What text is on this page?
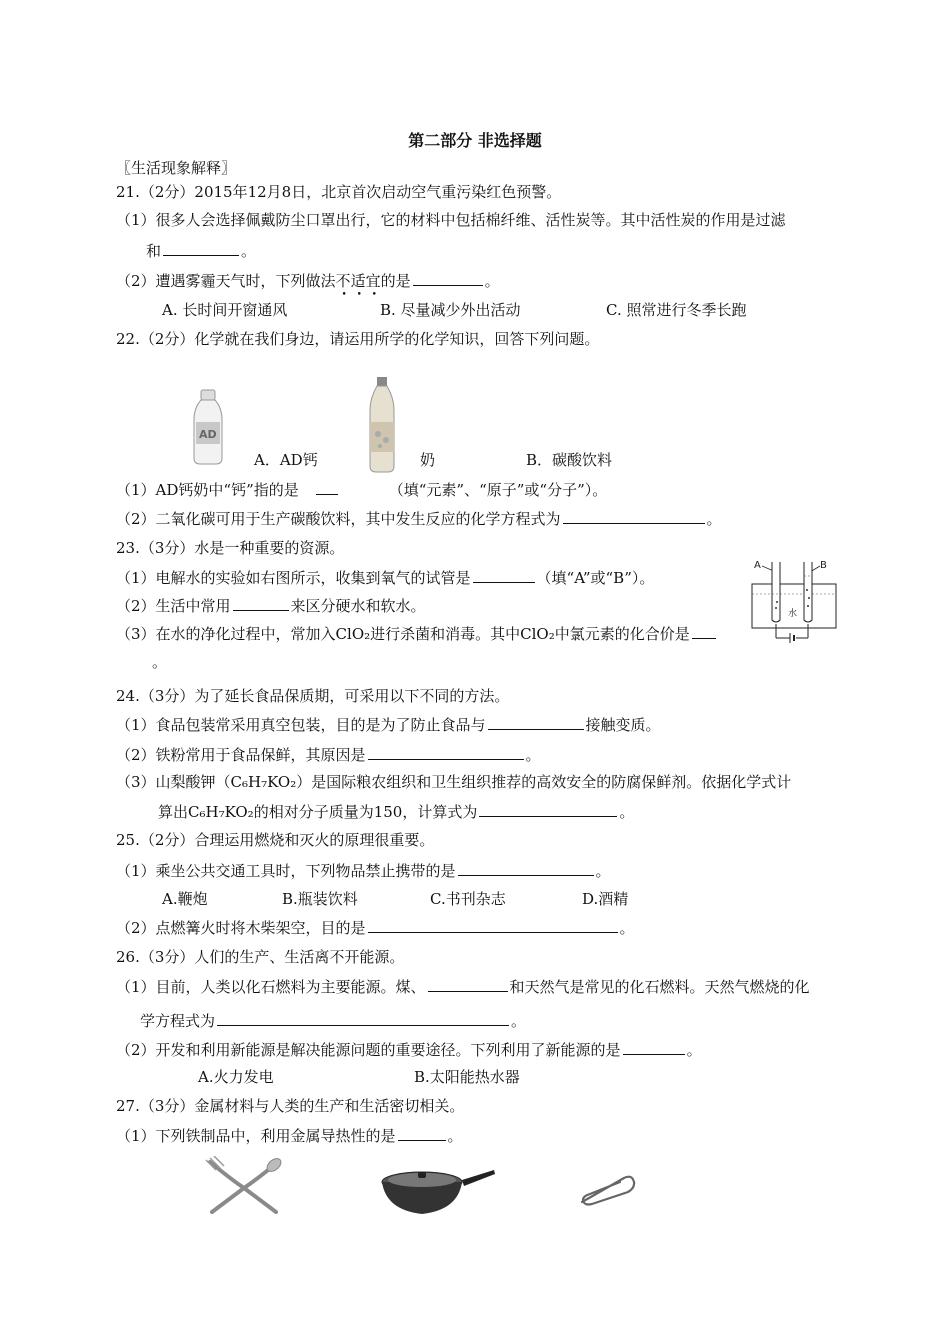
第二部分 非选择题
〖生活现象解释〗
21.（2分）2015年12月8日，北京首次启动空气重污染红色预警。
（1）很多人会选择佩戴防尘口罩出行，它的材料中包括棉纤维、活性炭等。其中活性炭的作用是过滤
和	。
（2）遭遇雾霾天气时，下列做法不适宜的是	。
A. 长时间开窗通风	B. 尽量减少外出活动	C. 照常进行冬季长跑
22.（2分）化学就在我们身边，请运用所学的化学知识，回答下列问题。
AD
A．AD钙	奶	B．碳酸饮料
（1）AD钙奶中“钙”指的是	（填“元素”、“原子”或“分子”）。
（2）二氧化碳可用于生产碳酸饮料，其中发生反应的化学方程式为	。
23.（3分）水是一种重要的资源。
（1）电解水的实验如右图所示，收集到氧气的试管是	（填“A”或“B”）。
（2）生活中常用	来区分硬水和软水。
（3）在水的净化过程中，常加入ClO₂进行杀菌和消毒。其中ClO₂中氯元素的化合价是
。
A	B
水
24.（3分）为了延长食品保质期，可采用以下不同的方法。
（1）食品包装常采用真空包装，目的是为了防止食品与	接触变质。
（2）铁粉常用于食品保鲜，其原因是	。
（3）山梨酸钾（C₆H₇KO₂）是国际粮农组织和卫生组织推荐的高效安全的防腐保鲜剂。依据化学式计
算出C₆H₇KO₂的相对分子质量为150，计算式为	。
25.（2分）合理运用燃烧和灭火的原理很重要。
（1）乘坐公共交通工具时，下列物品禁止携带的是	。
A.鞭炮	B.瓶装饮料	C.书刊杂志	D.酒精
（2）点燃篝火时将木柴架空，目的是	。
26.（3分）人们的生产、生活离不开能源。
（1）目前，人类以化石燃料为主要能源。煤、	和天然气是常见的化石燃料。天然气燃烧的化
学方程式为	。
（2）开发和利用新能源是解决能源问题的重要途径。下列利用了新能源的是	。
A.火力发电	B.太阳能热水器
27.（3分）金属材料与人类的生产和生活密切相关。
（1）下列铁制品中，利用金属导热性的是	。
